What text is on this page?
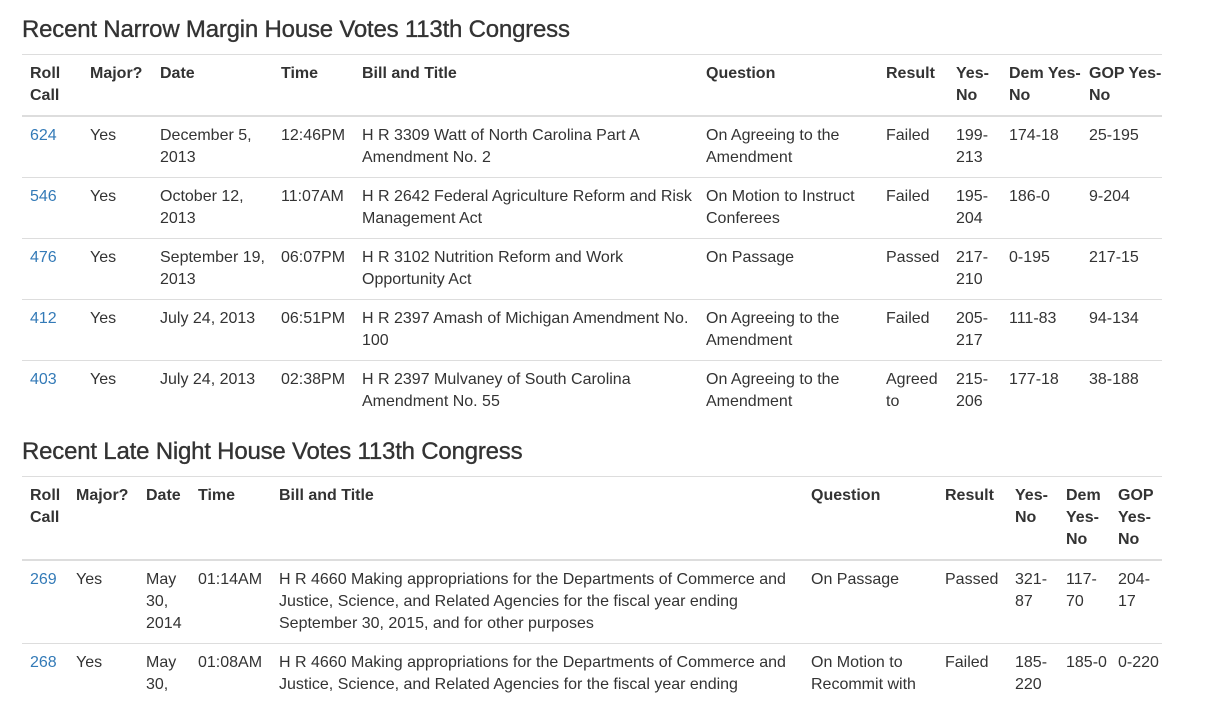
Recent Narrow Margin House Votes 113th Congress
Roll Call	Major?	Date	Time	Bill and Title	Question	Result	Yes-No	Dem Yes-No	GOP Yes-No
624	Yes	December 5, 2013	12:46PM	H R 3309 Watt of North Carolina Part A Amendment No. 2	On Agreeing to the Amendment	Failed	199-213	174-18	25-195
546	Yes	October 12, 2013	11:07AM	H R 2642 Federal Agriculture Reform and Risk Management Act	On Motion to Instruct Conferees	Failed	195-204	186-0	9-204
476	Yes	September 19, 2013	06:07PM	H R 3102 Nutrition Reform and Work Opportunity Act	On Passage	Passed	217-210	0-195	217-15
412	Yes	July 24, 2013	06:51PM	H R 2397 Amash of Michigan Amendment No. 100	On Agreeing to the Amendment	Failed	205-217	111-83	94-134
403	Yes	July 24, 2013	02:38PM	H R 2397 Mulvaney of South Carolina Amendment No. 55	On Agreeing to the Amendment	Agreed to	215-206	177-18	38-188
Recent Late Night House Votes 113th Congress
Roll Call	Major?	Date	Time	Bill and Title	Question	Result	Yes-No	Dem Yes-No	GOP Yes-No
269	Yes	May 30, 2014	01:14AM	H R 4660 Making appropriations for the Departments of Commerce and Justice, Science, and Related Agencies for the fiscal year ending September 30, 2015, and for other purposes	On Passage	Passed	321-87	117-70	204-17
268	Yes	May 30,	01:08AM	H R 4660 Making appropriations for the Departments of Commerce and Justice, Science, and Related Agencies for the fiscal year ending	On Motion to Recommit with	Failed	185-220	185-0	0-220
